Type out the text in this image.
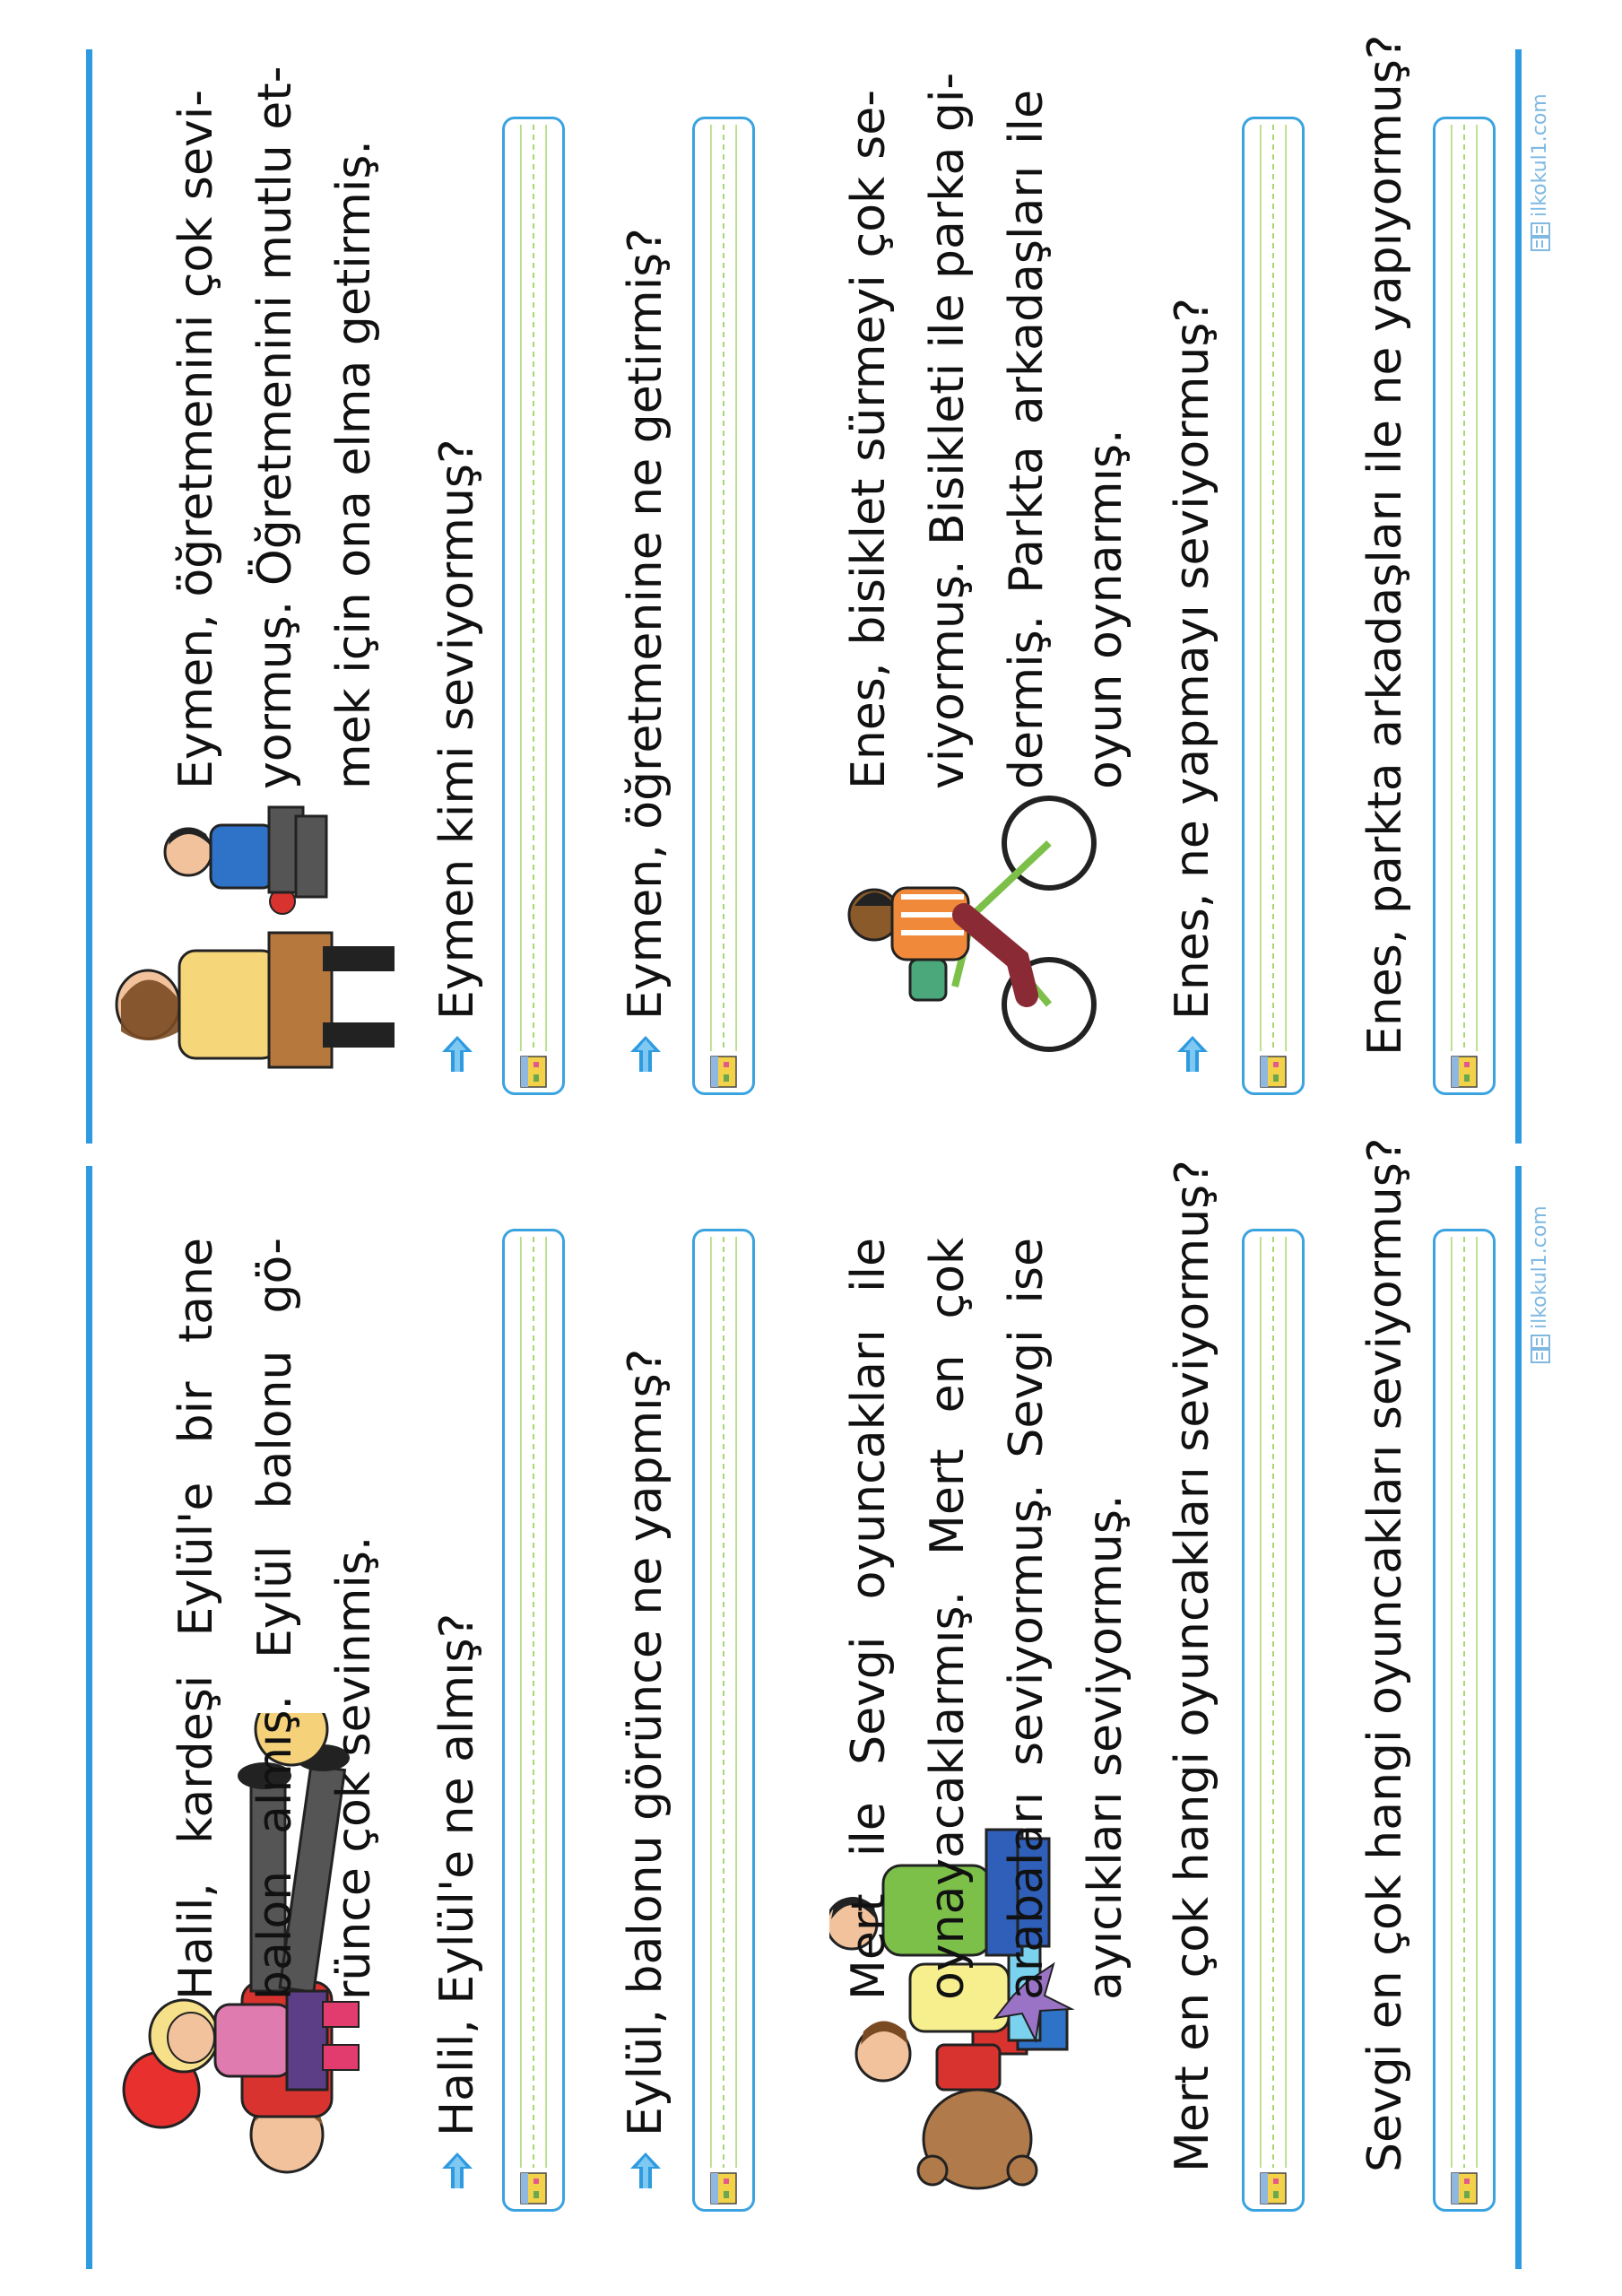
Halil, kardeşi Eylül'e bir tane balon almış. Eylül balonu gö- rünce çok sevinmiş. Halil, Eylül'e ne almış?	Eylül, balonu görünce ne yapmış?	Mert ile Sevgi oyuncakları ile oynayacaklarmış. Mert en çok arabaları seviyormuş. Sevgi ise ayıcıkları seviyormuş. Mert en çok hangi oyuncakları seviyormuş?	Sevgi en çok hangi oyuncakları seviyormuş?	ilkokul1.com
Eymen, öğretmenini çok sevi- yormuş. Öğretmenini mutlu et- mek için ona elma getirmiş. Eymen kimi seviyormuş?	Eymen, öğretmenine ne getirmiş?	Enes, bisiklet sürmeyi çok se- viyormuş. Bisikleti ile parka gi- dermiş. Parkta arkadaşları ile oyun oynarmış. Enes, ne yapmayı seviyormuş?	Enes, parkta arkadaşları ile ne yapıyormuş?	ilkokul1.com
